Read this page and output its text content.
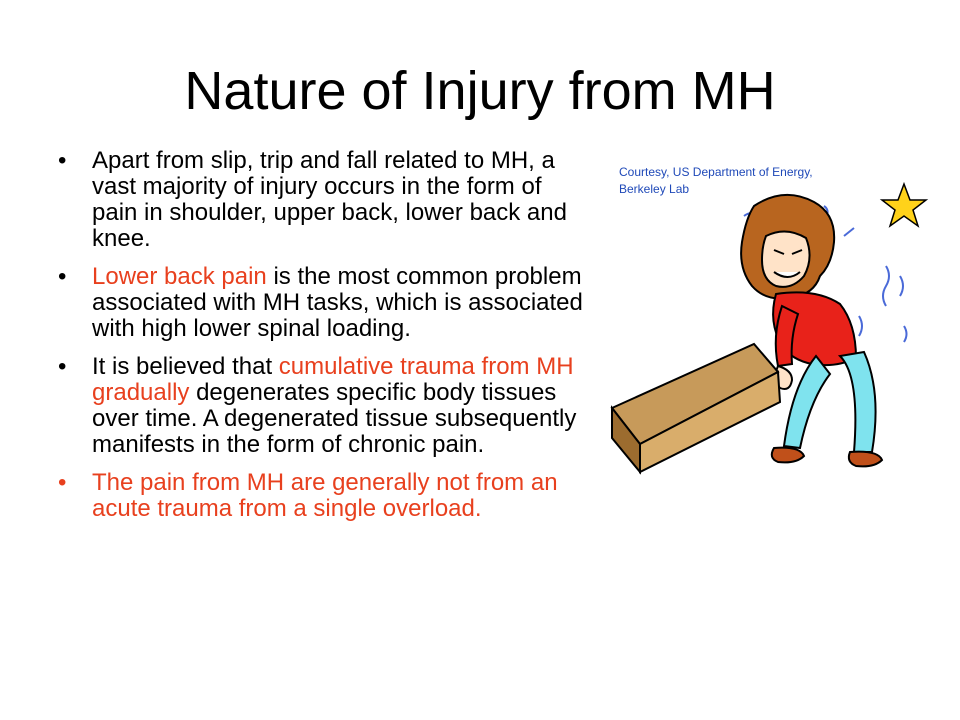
Nature of Injury from MH
• Apart from slip, trip and fall related to MH, a vast majority of injury occurs in the form of pain in shoulder, upper back, lower back and knee.
• Lower back pain is the most common problem associated with MH tasks, which is associated with high lower spinal loading.
• It is believed that cumulative trauma from MH gradually degenerates specific body tissues over time. A degenerated tissue subsequently manifests in the form of chronic pain.
• The pain from MH are generally not from an acute trauma from a single overload.
Courtesy, US Department of Energy, Berkeley Lab
